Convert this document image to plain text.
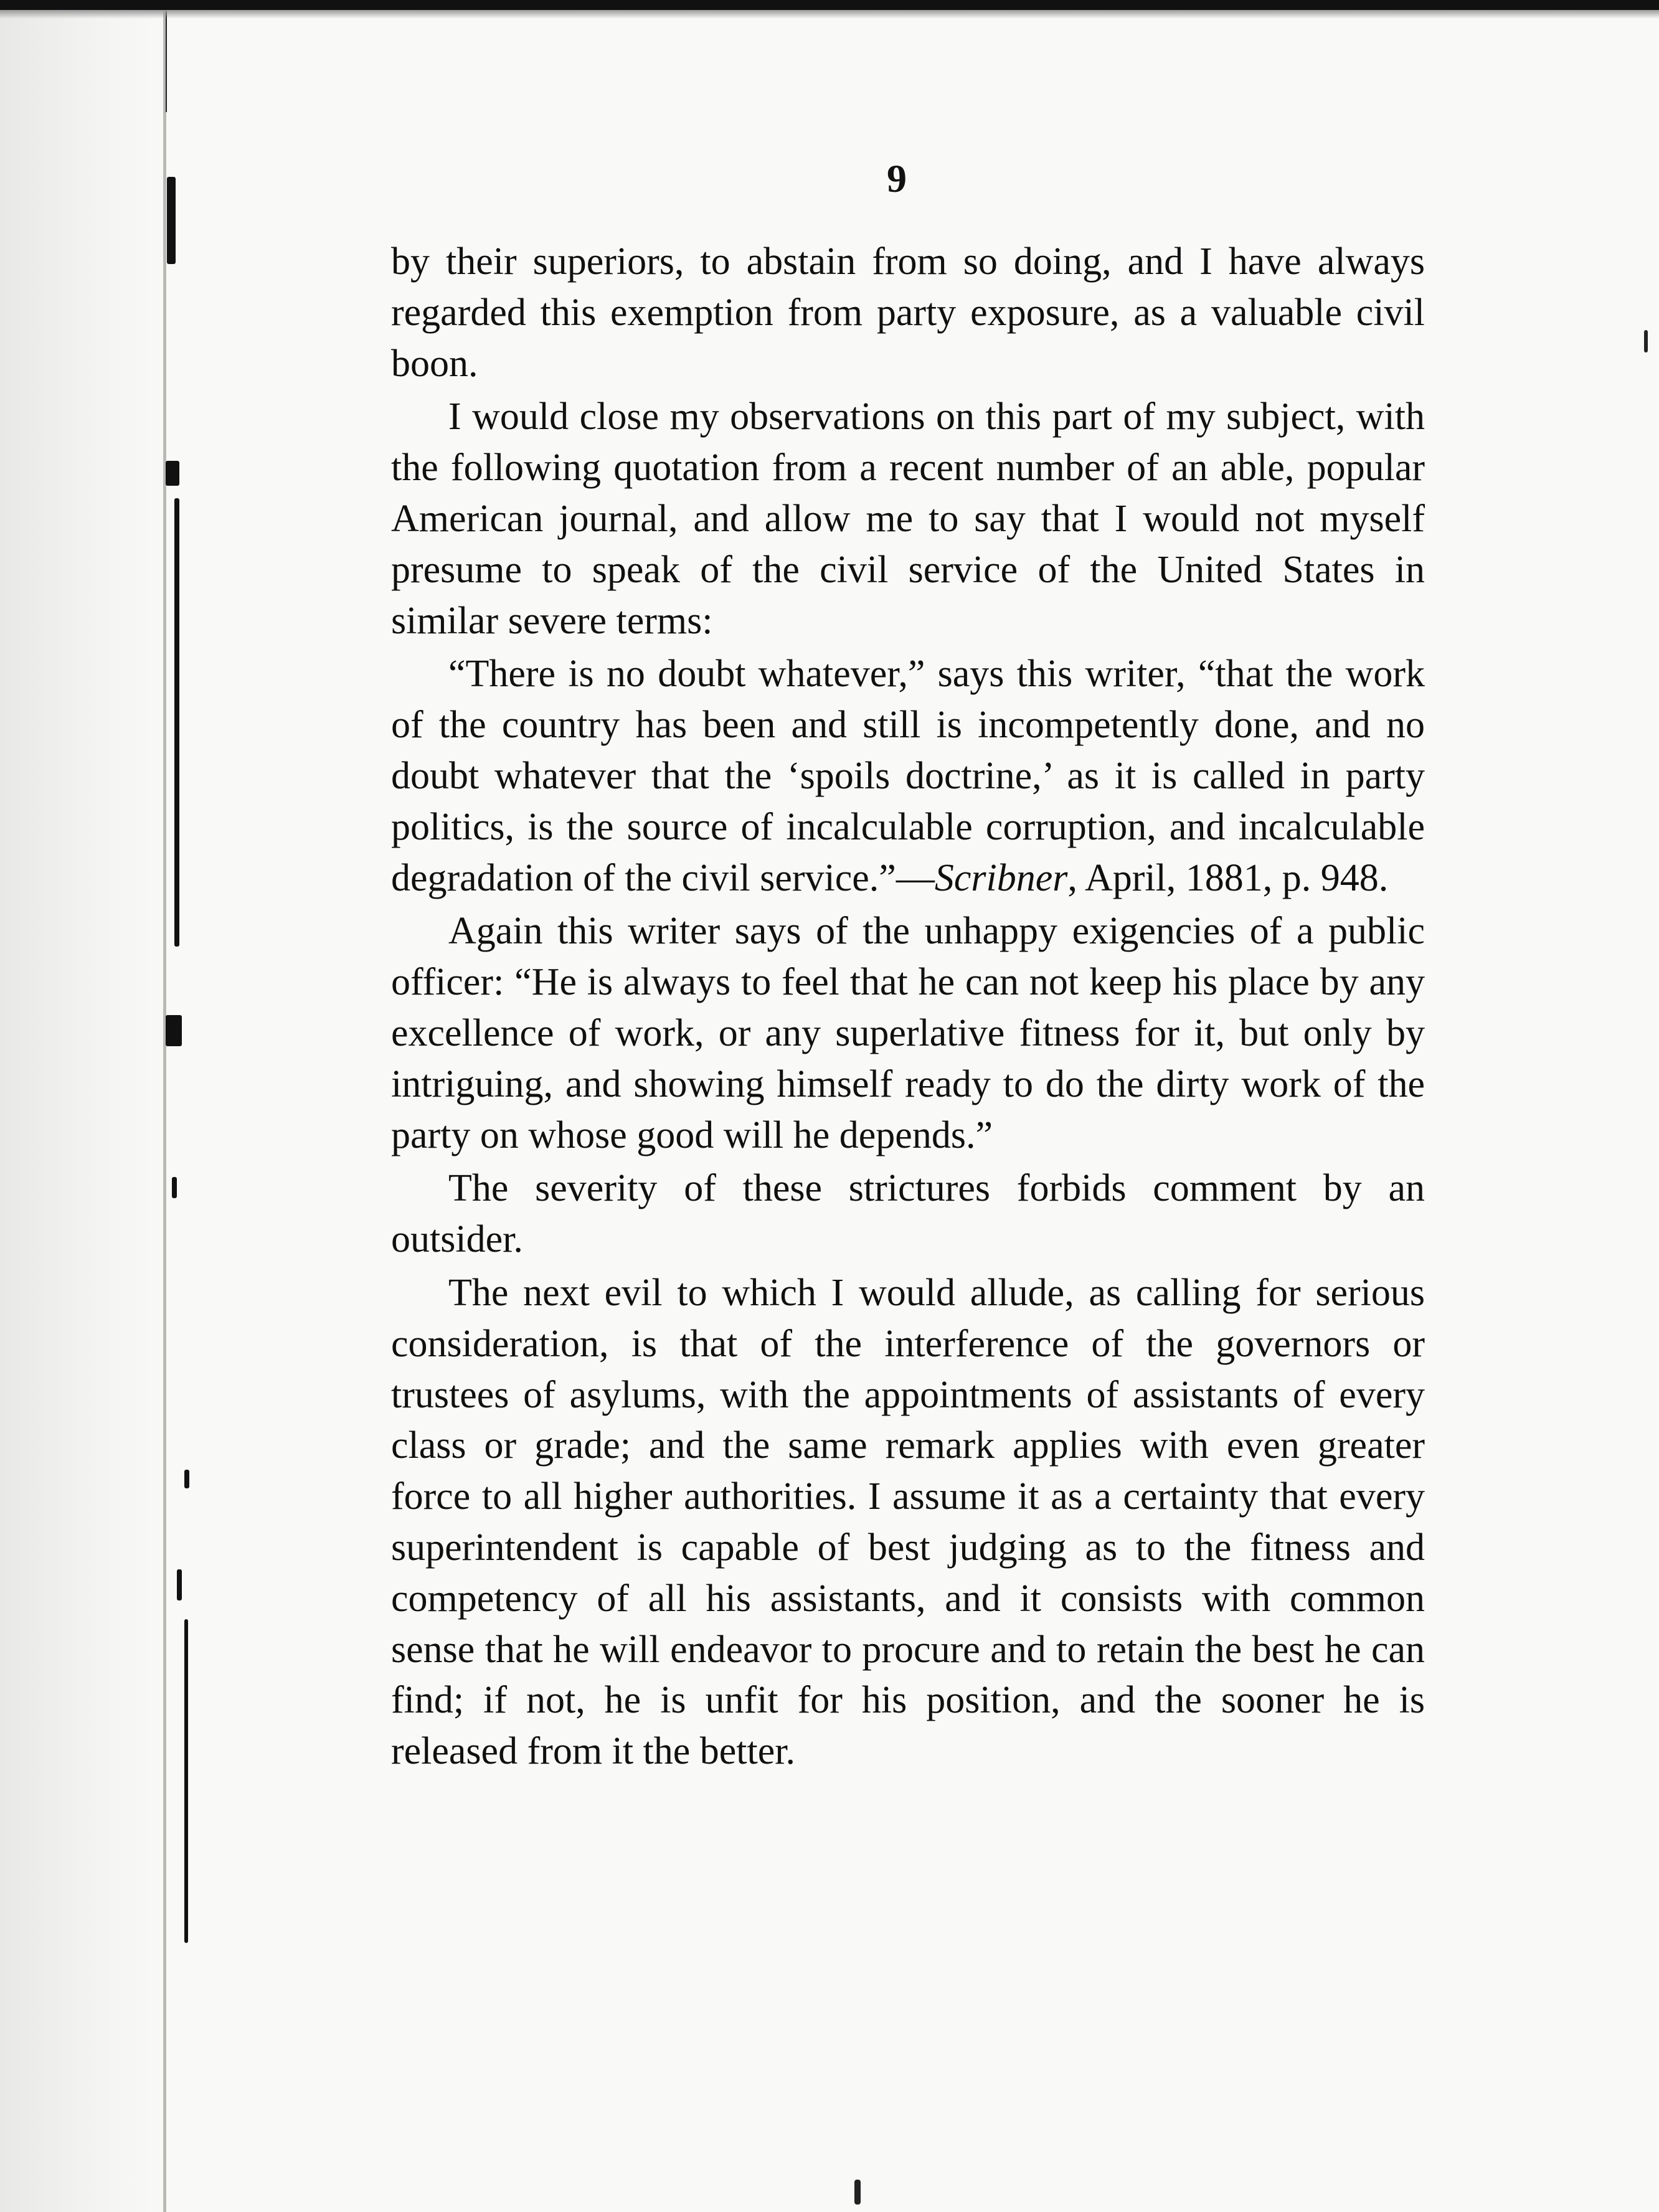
9

by their superiors, to abstain from so doing, and I have always regarded this exemption from party exposure, as a valuable civil boon.

I would close my observations on this part of my subject, with the following quotation from a recent number of an able, popular American journal, and allow me to say that I would not myself presume to speak of the civil service of the United States in similar severe terms:

“There is no doubt whatever,” says this writer, “that the work of the country has been and still is incompetently done, and no doubt whatever that the ‘spoils doctrine,’ as it is called in party politics, is the source of incalculable corruption, and incalculable degradation of the civil service.”—Scribner, April, 1881, p. 948.

Again this writer says of the unhappy exigencies of a public officer: “He is always to feel that he can not keep his place by any excellence of work, or any superlative fitness for it, but only by intriguing, and showing himself ready to do the dirty work of the party on whose good will he depends.”

The severity of these strictures forbids comment by an outsider.

The next evil to which I would allude, as calling for serious consideration, is that of the interference of the governors or trustees of asylums, with the appointments of assistants of every class or grade; and the same remark applies with even greater force to all higher authorities. I assume it as a certainty that every superintendent is capable of best judging as to the fitness and competency of all his assistants, and it consists with common sense that he will endeavor to procure and to retain the best he can find; if not, he is unfit for his position, and the sooner he is released from it the better.
